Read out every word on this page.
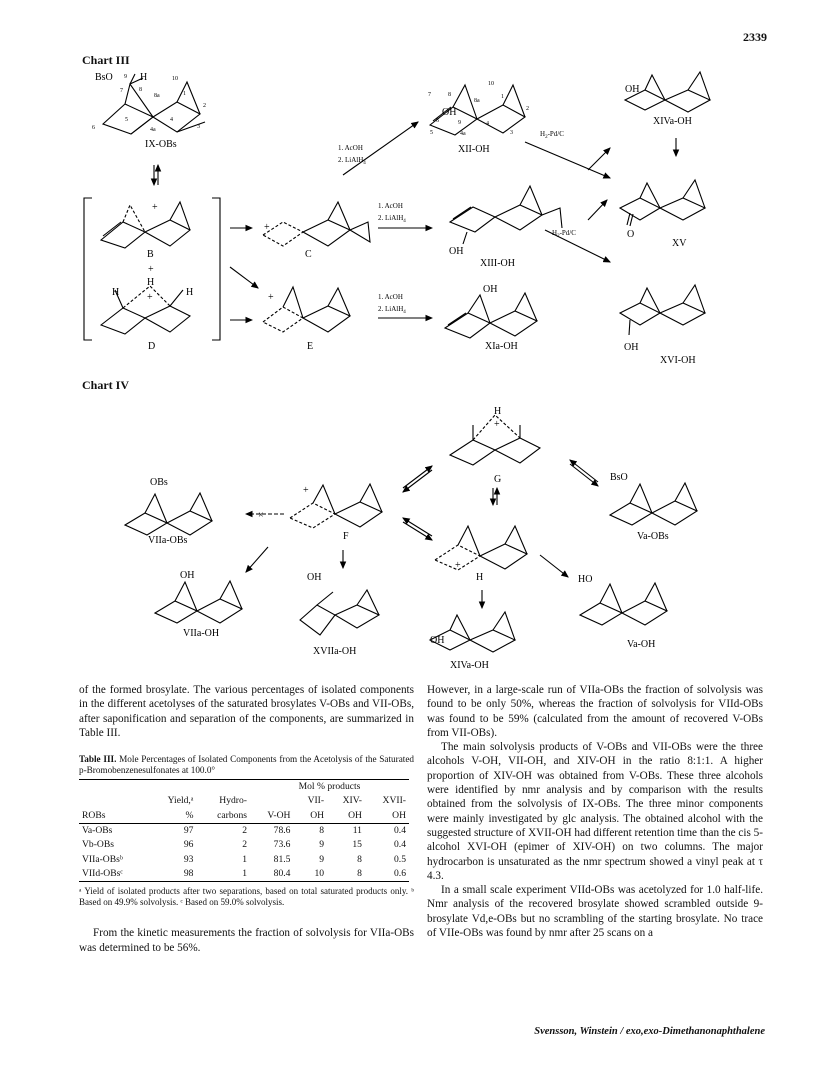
2339
Chart III
BsO	H
9	10
7	8
8a	1
2
6
5	4
4a	3
IX-OBs
+
B
+
H
H	H
+
D
+
C
+
E
1. AcOH
2. LiAlH$_4$
1. AcOH
2. LiAlH$_4$
1. AcOH
2. LiAlH$_4$
10
7	8
8a
1
2
OH
6	9
5
4
4a	3
XII-OH
$H_2-Pd/C$
OH
XIVa-OH
OH
XIII-OH
$H_2-Pd/C$	O
XV
OH
XIa-OH	OH
XVI-OH
OBs
VIIa-OBs
×
+
F
OH
VIIa-OH
OH
XVIIa-OH
H
+
G	BsO
Va-OBs
+
H
OH
XIVa-OH
HO
Va-OH
Chart IV

of the formed brosylate. The various percentages of isolated components in the different acetolyses of the saturated brosylates V-OBs and VII-OBs, after saponification and separation of the components, are summarized in Table III.

Table III. Mole Percentages of Isolated Components from the Acetolysis of the Saturated p-Bromobenzenesulfonates at 100.0°
			Mol % products			
	Yield,ᵃ	Hydro-		VII-	XIV-	XVII-
ROBs	%	carbons	V-OH	OH	OH	OH
Va-OBs	97	2	78.6	8	11	0.4
Vb-OBs	96	2	73.6	9	15	0.4
VIIa-OBsᵇ	93	1	81.5	9	8	0.5
VIId-OBsᶜ	98	1	80.4	10	8	0.6
ᵃ Yield of isolated products after two separations, based on total saturated products only. ᵇ Based on 49.9% solvolysis. ᶜ Based on 59.0% solvolysis.

From the kinetic measurements the fraction of solvolysis for VIIa-OBs was determined to be 56%.

However, in a large-scale run of VIIa-OBs the fraction of solvolysis was found to be only 50%, whereas the fraction of solvolysis for VIId-OBs was found to be 59% (calculated from the amount of recovered V-OBs from VII-OBs).

The main solvolysis products of V-OBs and VII-OBs were the three alcohols V-OH, VII-OH, and XIV-OH in the ratio 8:1:1. A higher proportion of XIV-OH was obtained from V-OBs. These three alcohols were identified by nmr analysis and by comparison with the results obtained from the solvolysis of IX-OBs. The three minor components were mainly investigated by glc analysis. The obtained alcohol with the suggested structure of XVII-OH had different retention time than the cis 5-alcohol XVI-OH (epimer of XIV-OH) on two columns. The major hydrocarbon is unsaturated as the nmr spectrum showed a vinyl peak at τ 4.3.

In a small scale experiment VIId-OBs was acetolyzed for 1.0 half-life. Nmr analysis of the recovered brosylate showed scrambled outside 9-brosylate Vd,e-OBs but no scrambling of the starting brosylate. No trace of VIIe-OBs was found by nmr after 25 scans on a

Svensson, Winstein / exo,exo-Dimethanonaphthalene
